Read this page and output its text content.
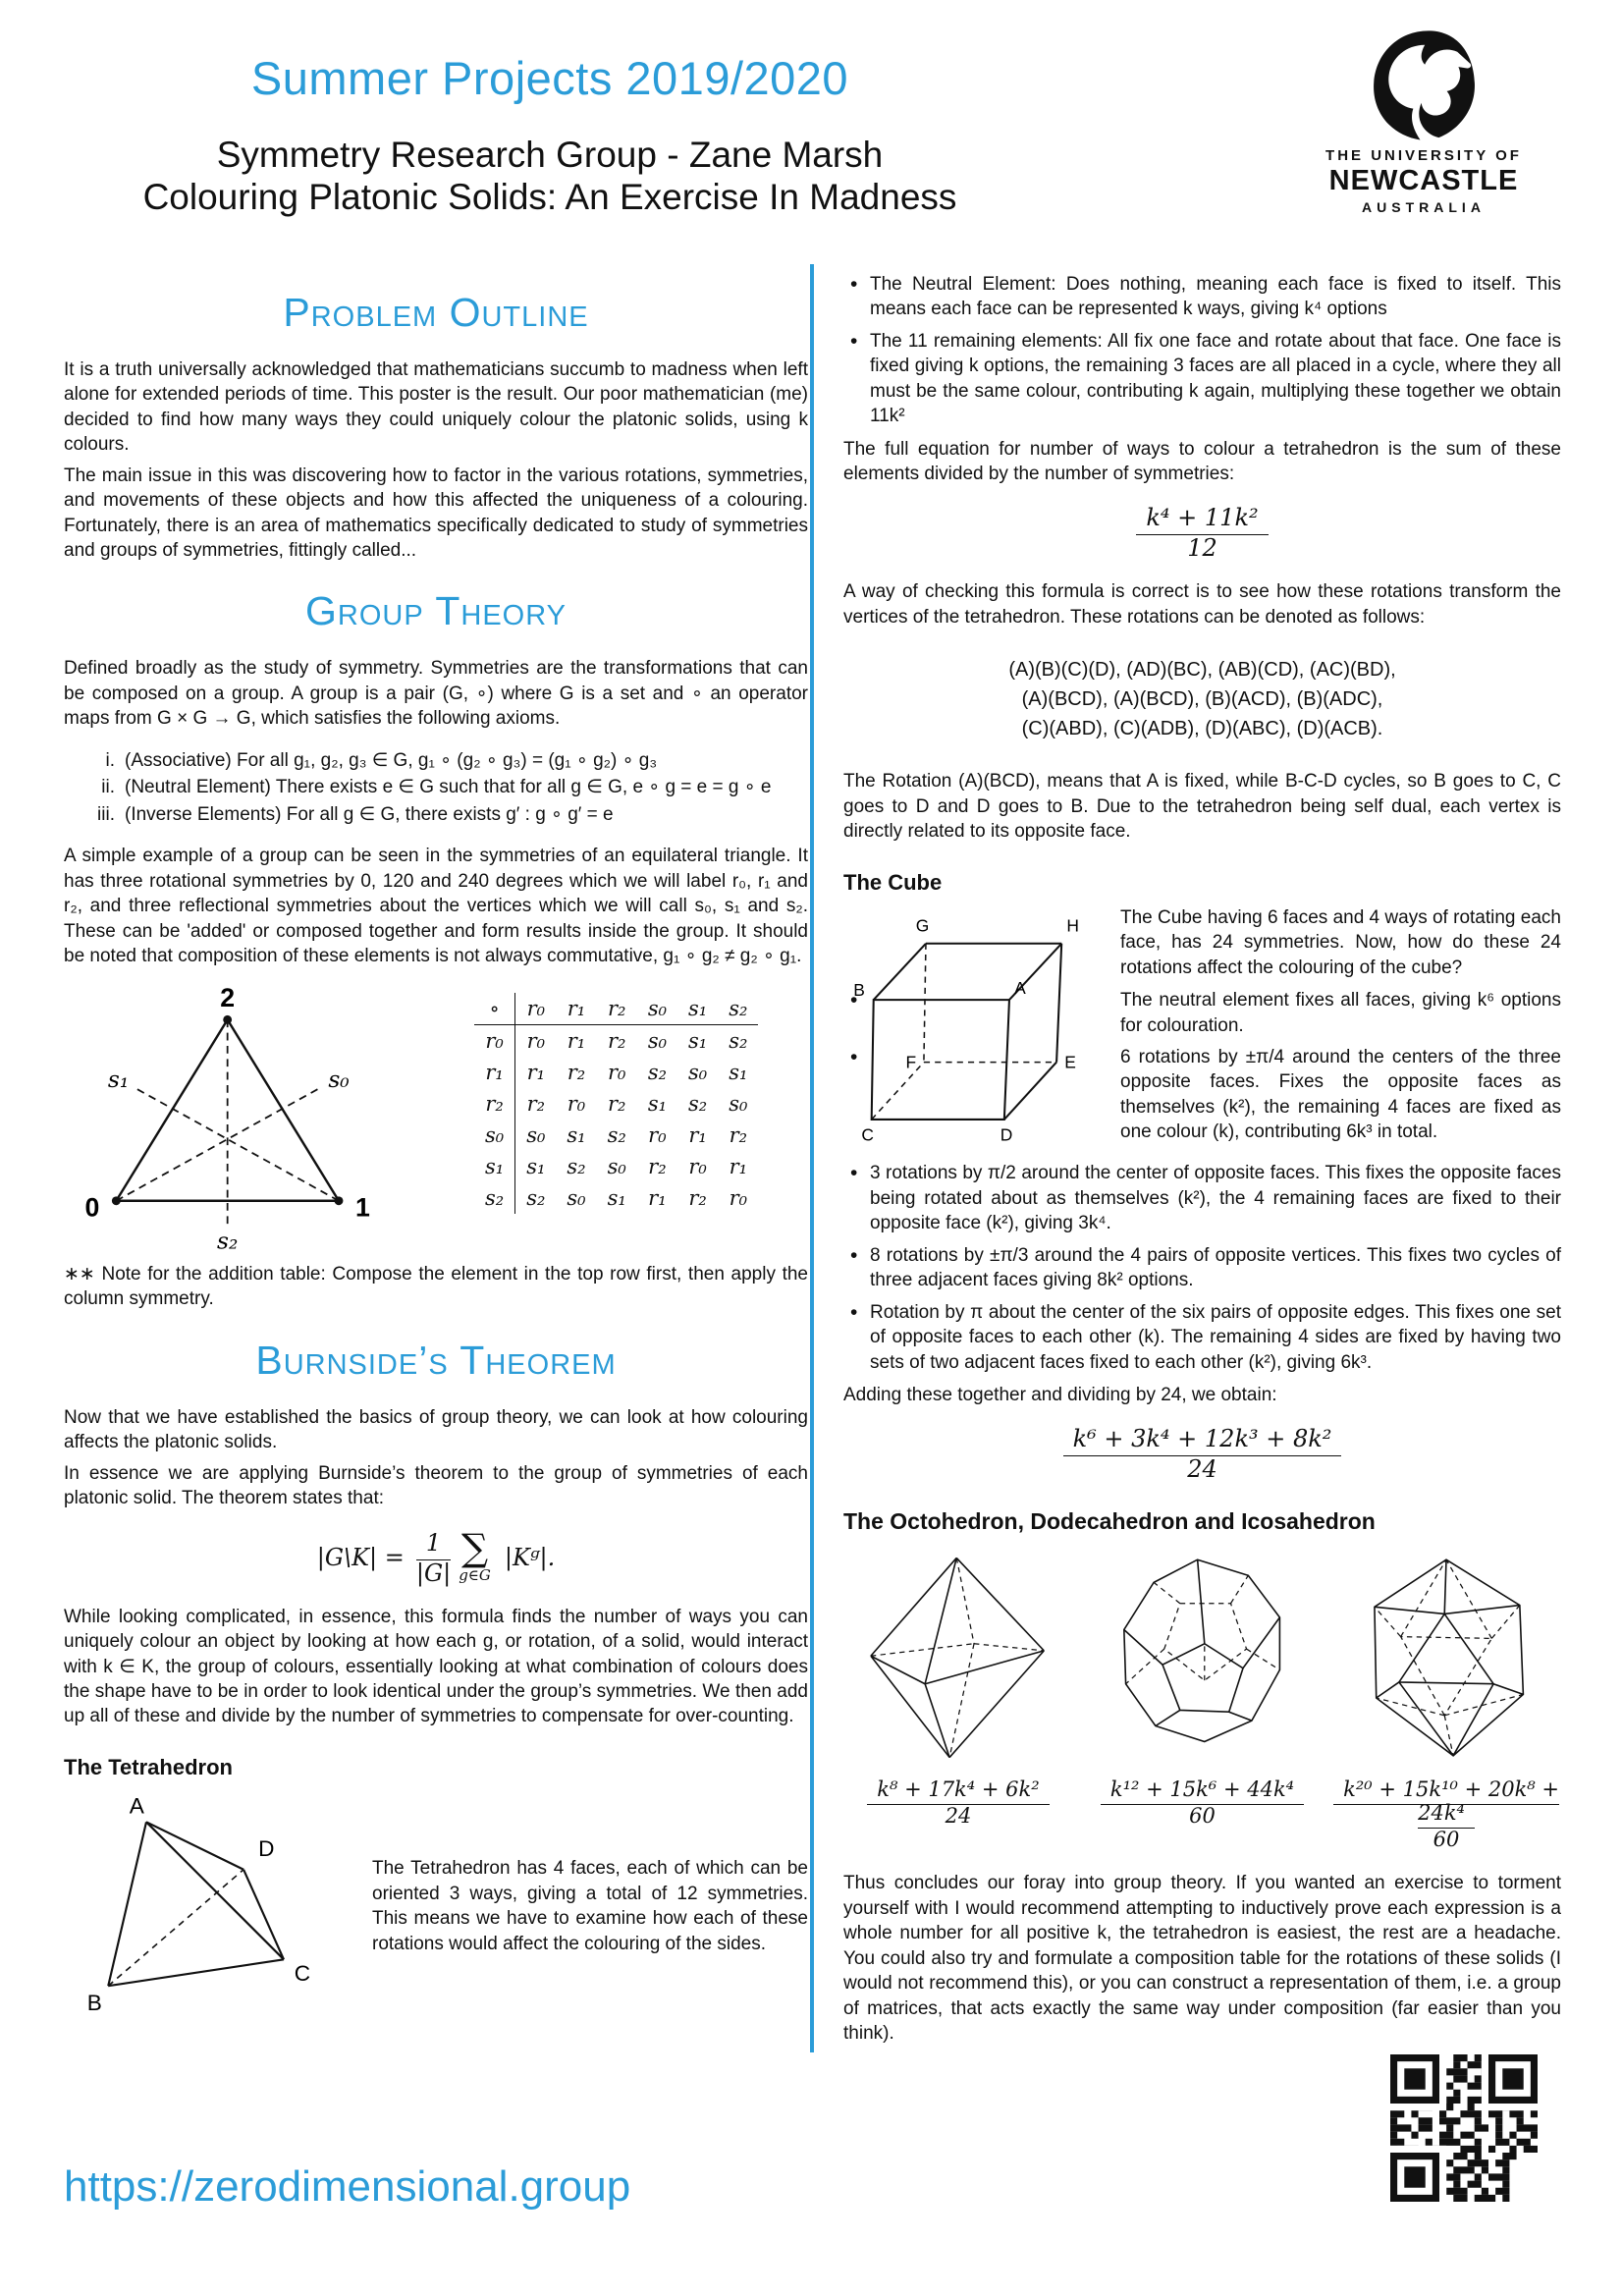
Summer Projects 2019/2020
Symmetry Research Group - Zane Marsh
Colouring Platonic Solids: An Exercise In Madness
THE UNIVERSITY OF
NEWCASTLE
AUSTRALIA
Problem Outline

It is a truth universally acknowledged that mathematicians succumb to madness when left alone for extended periods of time. This poster is the result. Our poor mathematician (me) decided to find how many ways they could uniquely colour the platonic solids, using k colours.

The main issue in this was discovering how to factor in the various rotations, symmetries, and movements of these objects and how this affected the uniqueness of a colouring. Fortunately, there is an area of mathematics specifically dedicated to study of symmetries and groups of symmetries, fittingly called...

Group Theory

Defined broadly as the study of symmetry. Symmetries are the transformations that can be composed on a group. A group is a pair (G, ∘) where G is a set and ∘ an operator maps from G × G → G, which satisfies the following axioms.

i. (Associative) For all g₁, g₂, g₃ ∈ G, g₁ ∘ (g₂ ∘ g₃) = (g₁ ∘ g₂) ∘ g₃
ii. (Neutral Element) There exists e ∈ G such that for all g ∈ G, e ∘ g = e = g ∘ e
iii. (Inverse Elements) For all g ∈ G, there exists g′ : g ∘ g′ = e

A simple example of a group can be seen in the symmetries of an equilateral triangle. It has three rotational symmetries by 0, 120 and 240 degrees which we will label r₀, r₁ and r₂, and three reflectional symmetries about the vertices which we will call s₀, s₁ and s₂. These can be 'added' or composed together and form results inside the group. It should be noted that composition of these elements is not always commutative, g₁ ∘ g₂ ≠ g₂ ∘ g₁.

2
0	1
s₁	s₀
s₂
∘	r₀	r₁	r₂	s₀	s₁	s₂
r₀	r₀	r₁	r₂	s₀	s₁	s₂
r₁	r₁	r₂	r₀	s₂	s₀	s₁
r₂	r₂	r₀	r₂	s₁	s₂	s₀
s₀	s₀	s₁	s₂	r₀	r₁	r₂
s₁	s₁	s₂	s₀	r₂	r₀	r₁
s₂	s₂	s₀	s₁	r₁	r₂	r₀

∗∗ Note for the addition table: Compose the element in the top row first, then apply the column symmetry.

Burnside’s Theorem

Now that we have established the basics of group theory, we can look at how colouring affects the platonic solids.

In essence we are applying Burnside’s theorem to the group of symmetries of each platonic solid. The theorem states that:

|G\K| = $\frac{1}{|G|}$ ∑
g∈G
|Kᵍ|.

While looking complicated, in essence, this formula finds the number of ways you can uniquely colour an object by looking at how each g, or rotation, of a solid, would interact with k ∈ K, the group of colours, essentially looking at what combination of colours does the shape have to be in order to look identical under the group’s symmetries. We then add up all of these and divide by the number of symmetries to compensate for over-counting.

The Tetrahedron
A
D
C
B

The Tetrahedron has 4 faces, each of which can be oriented 3 ways, giving a total of 12 symmetries. This means we have to examine how each of these rotations would affect the colouring of the sides.

• The Neutral Element: Does nothing, meaning each face is fixed to itself. This means each face can be represented k ways, giving k⁴ options
• The 11 remaining elements: All fix one face and rotate about that face. One face is fixed giving k options, the remaining 3 faces are all placed in a cycle, where they all must be the same colour, contributing k again, multiplying these together we obtain 11k²

The full equation for number of ways to colour a tetrahedron is the sum of these elements divided by the number of symmetries:

$\frac{\text{k⁴ + 11k²}}{12}$

A way of checking this formula is correct is to see how these rotations transform the vertices of the tetrahedron. These rotations can be denoted as follows:

(A)(B)(C)(D), (AD)(BC), (AB)(CD), (AC)(BD),
(A)(BCD), (A)(BCD), (B)(ACD), (B)(ADC),
(C)(ABD), (C)(ADB), (D)(ABC), (D)(ACB).

The Rotation (A)(BCD), means that A is fixed, while B-C-D cycles, so B goes to C, C goes to D and D goes to B. Due to the tetrahedron being self dual, each vertex is directly related to its opposite face.

The Cube
G	H
B	A
F	E
C	D

The Cube having 6 faces and 4 ways of rotating each face, has 24 symmetries. Now, how do these 24 rotations affect the colouring of the cube?

• The neutral element fixes all faces, giving k⁶ options for colouration.
• 6 rotations by ±π/4 around the centers of the three opposite faces. Fixes the opposite faces as themselves (k²), the remaining 4 faces are fixed as one colour (k), contributing 6k³ in total.
• 3 rotations by π/2 around the center of opposite faces. This fixes the opposite faces being rotated about as themselves (k²), the 4 remaining faces are fixed to their opposite face (k²), giving 3k⁴.
• 8 rotations by ±π/3 around the 4 pairs of opposite vertices. This fixes two cycles of three adjacent faces giving 8k² options.
• Rotation by π about the center of the six pairs of opposite edges. This fixes one set of opposite faces to each other (k). The remaining 4 sides are fixed by having two sets of two adjacent faces fixed to each other (k²), giving 6k³.

Adding these together and dividing by 24, we obtain:

$\frac{\text{k⁶ + 3k⁴ + 12k³ + 8k²}}{24}$
The Octohedron, Dodecahedron and Icosahedron
$\frac{\text{k⁸ + 17k⁴ + 6k²}}{24} \frac{\text{k¹² + 15k⁶ + 44k⁴}}{60} \frac{\text{k²⁰ + 15k¹⁰ + 20k⁸ + 24k⁴}}{60}$

Thus concludes our foray into group theory. If you wanted an exercise to torment yourself with I would recommend attempting to inductively prove each expression is a whole number for all positive k, the tetrahedron is easiest, the rest are a headache. You could also try and formulate a composition table for the rotations of these solids (I would not recommend this), or you can construct a representation of them, i.e. a group of matrices, that acts exactly the same way under composition (far easier than you think).

https://zerodimensional.group
